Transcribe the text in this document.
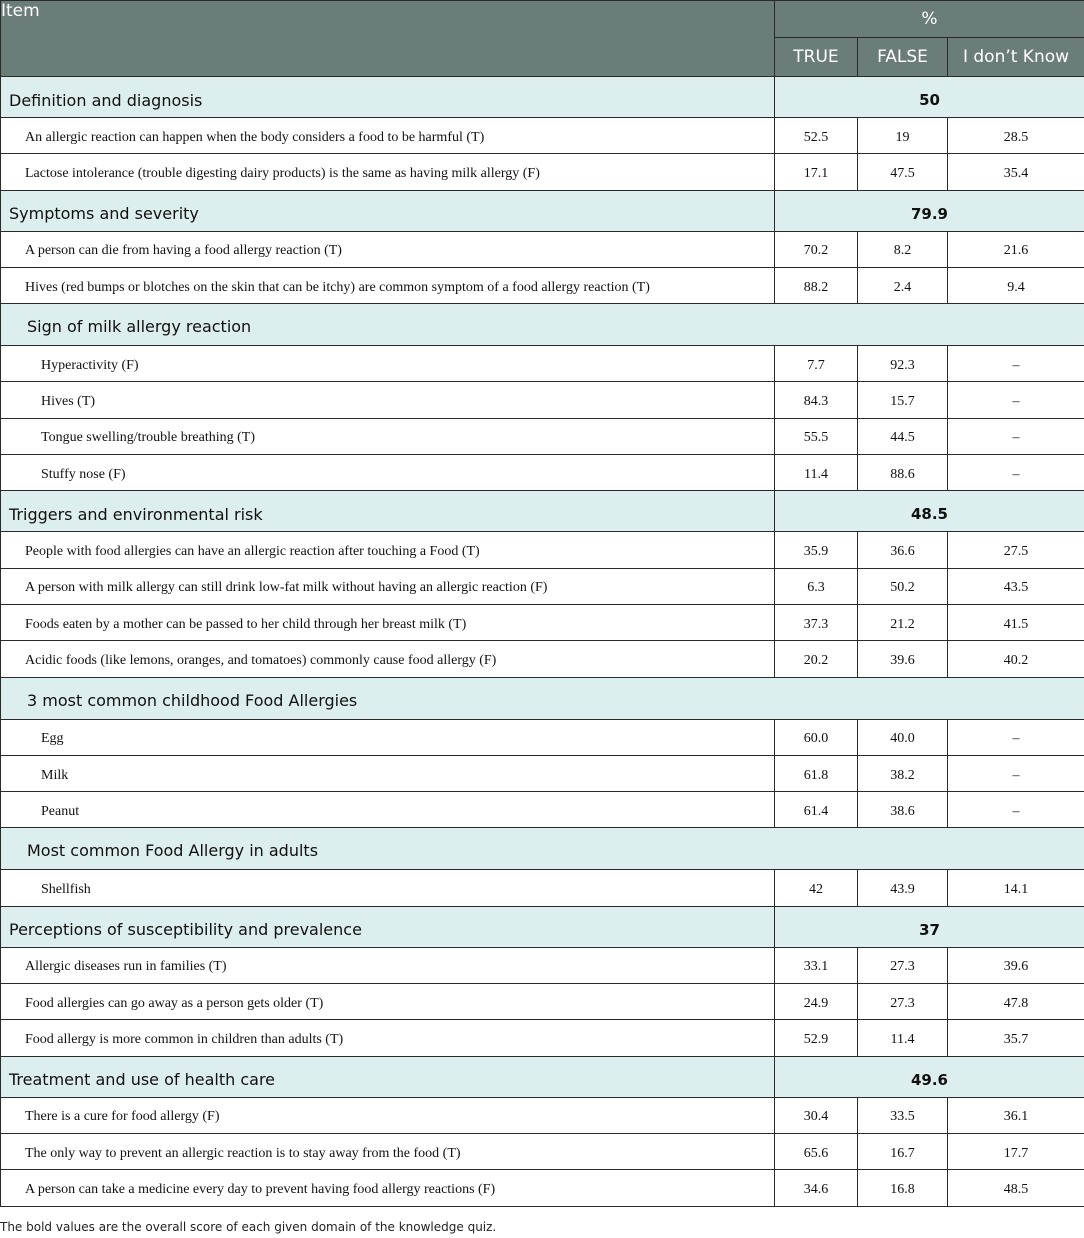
Item	%		
	TRUE	FALSE	I don’t Know
Definition and diagnosis	50		
An allergic reaction can happen when the body considers a food to be harmful (T)	52.5	19	28.5
Lactose intolerance (trouble digesting dairy products) is the same as having milk allergy (F)	17.1	47.5	35.4
Symptoms and severity	79.9		
A person can die from having a food allergy reaction (T)	70.2	8.2	21.6
Hives (red bumps or blotches on the skin that can be itchy) are common symptom of a food allergy reaction (T)	88.2	2.4	9.4
Sign of milk allergy reaction			
Hyperactivity (F)	7.7	92.3	–
Hives (T)	84.3	15.7	–
Tongue swelling/trouble breathing (T)	55.5	44.5	–
Stuffy nose (F)	11.4	88.6	–
Triggers and environmental risk	48.5		
People with food allergies can have an allergic reaction after touching a Food (T)	35.9	36.6	27.5
A person with milk allergy can still drink low-fat milk without having an allergic reaction (F)	6.3	50.2	43.5
Foods eaten by a mother can be passed to her child through her breast milk (T)	37.3	21.2	41.5
Acidic foods (like lemons, oranges, and tomatoes) commonly cause food allergy (F)	20.2	39.6	40.2
3 most common childhood Food Allergies			
Egg	60.0	40.0	–
Milk	61.8	38.2	–
Peanut	61.4	38.6	–
Most common Food Allergy in adults			
Shellfish	42	43.9	14.1
Perceptions of susceptibility and prevalence	37		
Allergic diseases run in families (T)	33.1	27.3	39.6
Food allergies can go away as a person gets older (T)	24.9	27.3	47.8
Food allergy is more common in children than adults (T)	52.9	11.4	35.7
Treatment and use of health care	49.6		
There is a cure for food allergy (F)	30.4	33.5	36.1
The only way to prevent an allergic reaction is to stay away from the food (T)	65.6	16.7	17.7
A person can take a medicine every day to prevent having food allergy reactions (F)	34.6	16.8	48.5
The bold values are the overall score of each given domain of the knowledge quiz.
